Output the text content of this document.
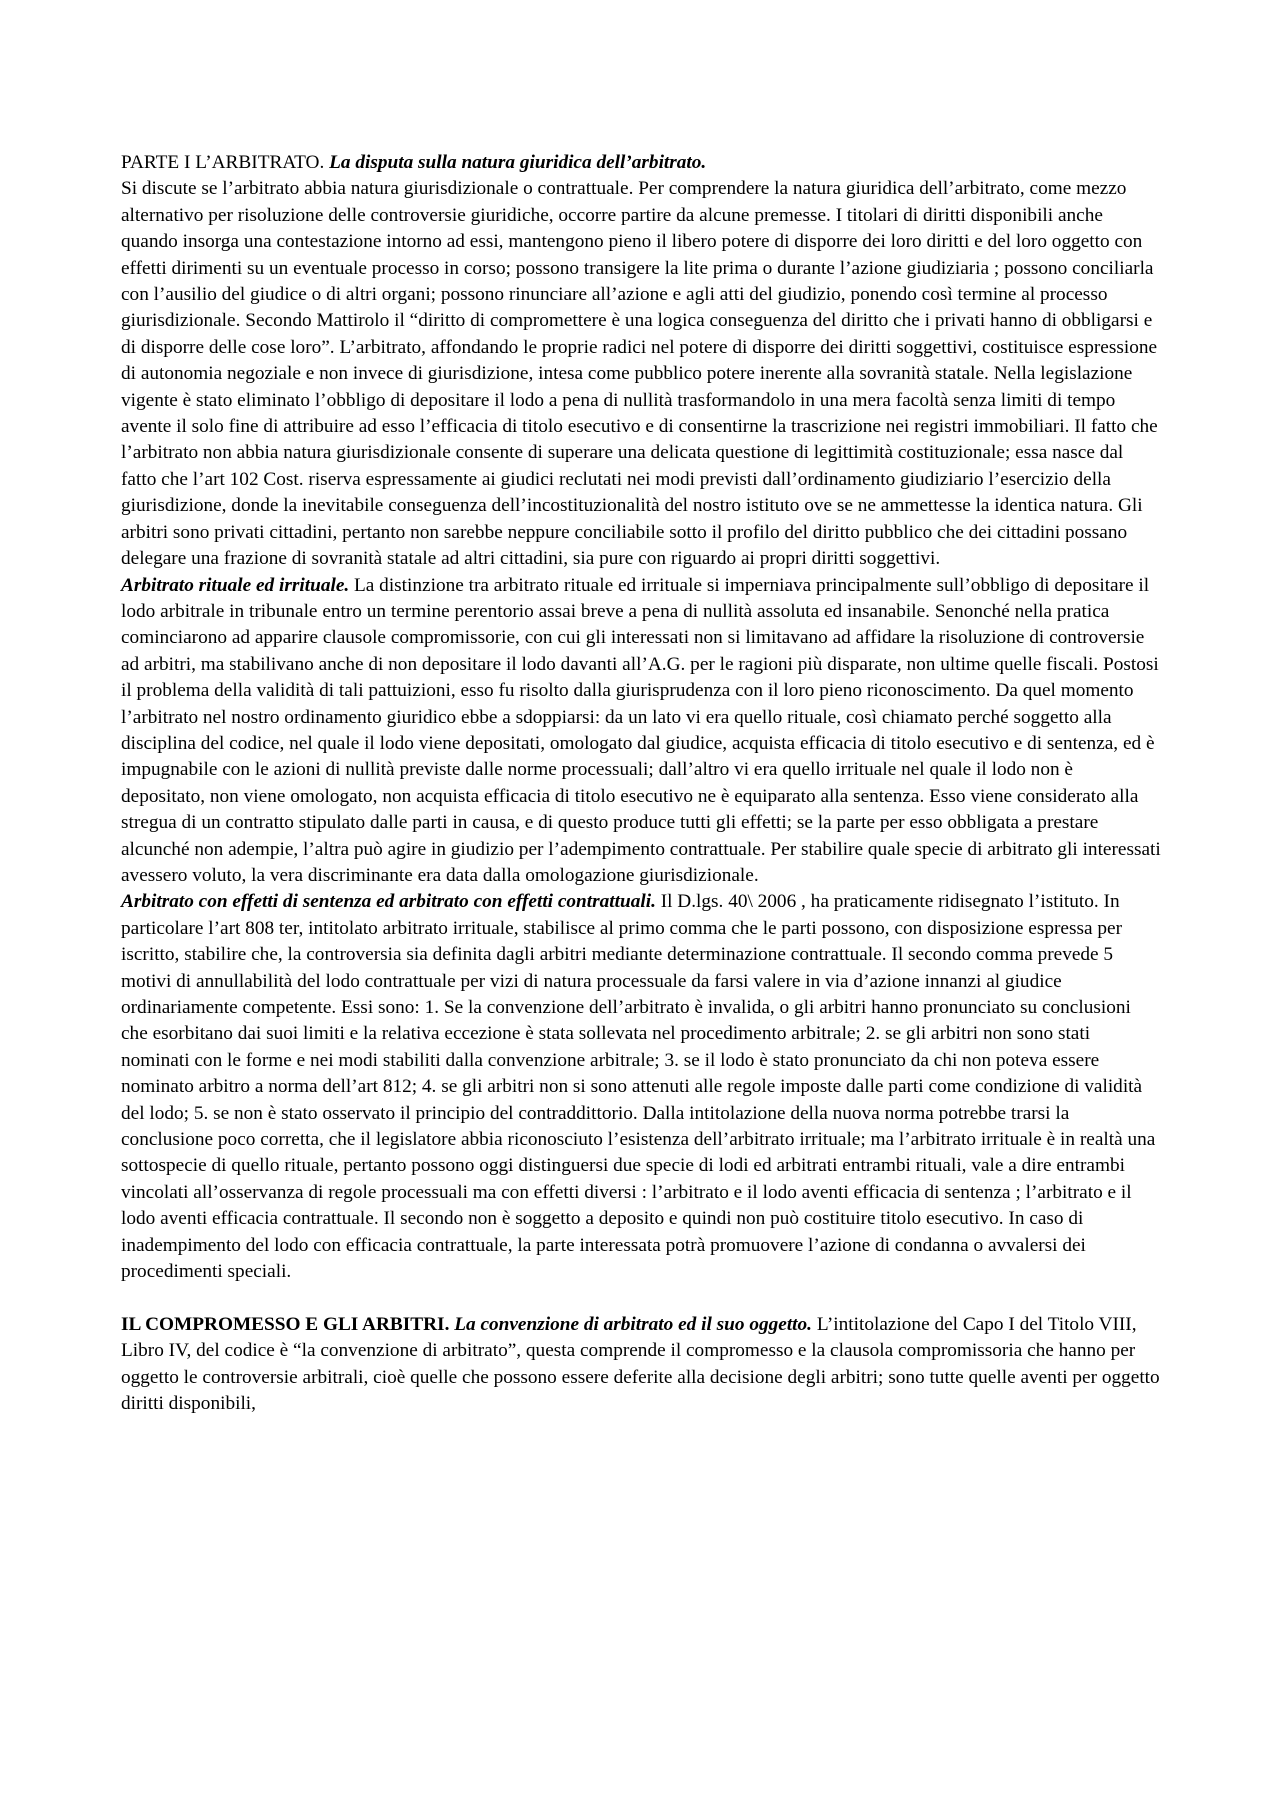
PARTE I L’ARBITRATO. La disputa sulla natura giuridica dell’arbitrato.
Si discute se l’arbitrato abbia natura giurisdizionale o contrattuale. Per comprendere la natura giuridica dell’arbitrato, come mezzo alternativo per risoluzione delle controversie giuridiche, occorre partire da alcune premesse. I titolari di diritti disponibili anche quando insorga una contestazione intorno ad essi, mantengono pieno il libero potere di disporre dei loro diritti e del loro oggetto con effetti dirimenti su un eventuale processo in corso; possono transigere la lite prima o durante l’azione giudiziaria ; possono conciliarla con l’ausilio del giudice o di altri organi; possono rinunciare all’azione e agli atti del giudizio, ponendo così termine al processo giurisdizionale. Secondo Mattirolo il “diritto di compromettere è una logica conseguenza del diritto che i privati hanno di obbligarsi e di disporre delle cose loro”. L’arbitrato, affondando le proprie radici nel potere di disporre dei diritti soggettivi, costituisce espressione di autonomia negoziale e non invece di giurisdizione, intesa come pubblico potere inerente alla sovranità statale. Nella legislazione vigente è stato eliminato l’obbligo di depositare il lodo a pena di nullità trasformandolo in una mera facoltà senza limiti di tempo avente il solo fine di attribuire ad esso l’efficacia di titolo esecutivo e di consentirne la trascrizione nei registri immobiliari. Il fatto che l’arbitrato non abbia natura giurisdizionale consente di superare una delicata questione di legittimità costituzionale; essa nasce dal fatto che l’art 102 Cost. riserva espressamente ai giudici reclutati nei modi previsti dall’ordinamento giudiziario l’esercizio della giurisdizione, donde la inevitabile conseguenza dell’incostituzionalità del nostro istituto ove se ne ammettesse la identica natura. Gli arbitri sono privati cittadini, pertanto non sarebbe neppure conciliabile sotto il profilo del diritto pubblico che dei cittadini possano delegare una frazione di sovranità statale ad altri cittadini, sia pure con riguardo ai propri diritti soggettivi.

Arbitrato rituale ed irrituale. La distinzione tra arbitrato rituale ed irrituale si imperniava principalmente sull’obbligo di depositare il lodo arbitrale in tribunale entro un termine perentorio assai breve a pena di nullità assoluta ed insanabile. Senonché nella pratica cominciarono ad apparire clausole compromissorie, con cui gli interessati non si limitavano ad affidare la risoluzione di controversie ad arbitri, ma stabilivano anche di non depositare il lodo davanti all’A.G. per le ragioni più disparate, non ultime quelle fiscali. Postosi il problema della validità di tali pattuizioni, esso fu risolto dalla giurisprudenza con il loro pieno riconoscimento. Da quel momento l’arbitrato nel nostro ordinamento giuridico ebbe a sdoppiarsi: da un lato vi era quello rituale, così chiamato perché soggetto alla disciplina del codice, nel quale il lodo viene depositati, omologato dal giudice, acquista efficacia di titolo esecutivo e di sentenza, ed è impugnabile con le azioni di nullità previste dalle norme processuali; dall’altro vi era quello irrituale nel quale il lodo non è depositato, non viene omologato, non acquista efficacia di titolo esecutivo ne è equiparato alla sentenza. Esso viene considerato alla stregua di un contratto stipulato dalle parti in causa, e di questo produce tutti gli effetti; se la parte per esso obbligata a prestare alcunché non adempie, l’altra può agire in giudizio per l’adempimento contrattuale. Per stabilire quale specie di arbitrato gli interessati avessero voluto, la vera discriminante era data dalla omologazione giurisdizionale.

Arbitrato con effetti di sentenza ed arbitrato con effetti contrattuali. Il D.lgs. 40\ 2006 , ha praticamente ridisegnato l’istituto. In particolare l’art 808 ter, intitolato arbitrato irrituale, stabilisce al primo comma che le parti possono, con disposizione espressa per iscritto, stabilire che, la controversia sia definita dagli arbitri mediante determinazione contrattuale. Il secondo comma prevede 5 motivi di annullabilità del lodo contrattuale per vizi di natura processuale da farsi valere in via d’azione innanzi al giudice ordinariamente competente. Essi sono: 1. Se la convenzione dell’arbitrato è invalida, o gli arbitri hanno pronunciato su conclusioni che esorbitano dai suoi limiti e la relativa eccezione è stata sollevata nel procedimento arbitrale; 2. se gli arbitri non sono stati nominati con le forme e nei modi stabiliti dalla convenzione arbitrale; 3. se il lodo è stato pronunciato da chi non poteva essere nominato arbitro a norma dell’art 812; 4. se gli arbitri non si sono attenuti alle regole imposte dalle parti come condizione di validità del lodo; 5. se non è stato osservato il principio del contraddittorio. Dalla intitolazione della nuova norma potrebbe trarsi la conclusione poco corretta, che il legislatore abbia riconosciuto l’esistenza dell’arbitrato irrituale; ma l’arbitrato irrituale è in realtà una sottospecie di quello rituale, pertanto possono oggi distinguersi due specie di lodi ed arbitrati entrambi rituali, vale a dire entrambi vincolati all’osservanza di regole processuali ma con effetti diversi : l’arbitrato e il lodo aventi efficacia di sentenza ; l’arbitrato e il lodo aventi efficacia contrattuale. Il secondo non è soggetto a deposito e quindi non può costituire titolo esecutivo. In caso di inadempimento del lodo con efficacia contrattuale, la parte interessata potrà promuovere l’azione di condanna o avvalersi dei procedimenti speciali.

IL COMPROMESSO E GLI ARBITRI. La convenzione di arbitrato ed il suo oggetto. L’intitolazione del Capo I del Titolo VIII, Libro IV, del codice è “la convenzione di arbitrato”, questa comprende il compromesso e la clausola compromissoria che hanno per oggetto le controversie arbitrali, cioè quelle che possono essere deferite alla decisione degli arbitri; sono tutte quelle aventi per oggetto diritti disponibili,
